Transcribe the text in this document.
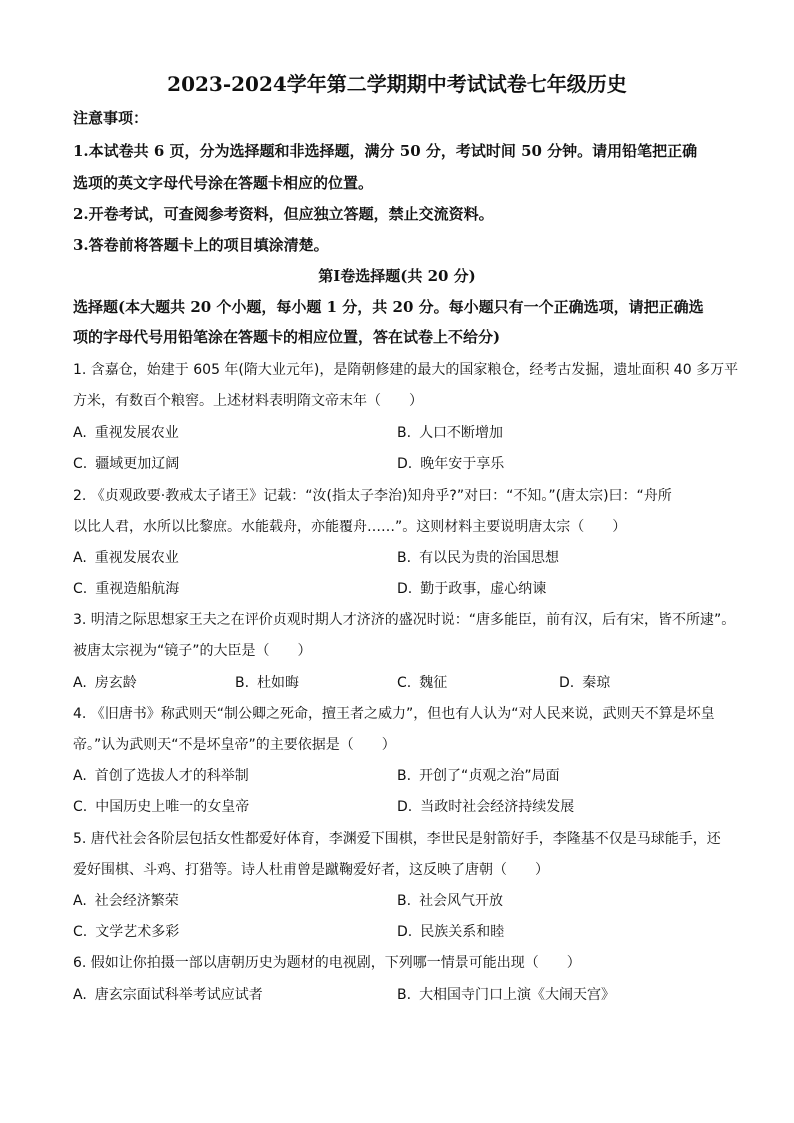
2023-2024学年第二学期期中考试试卷七年级历史
注意事项：
1.本试卷共 6 页，分为选择题和非选择题，满分 50 分，考试时间 50 分钟。请用铅笔把正确
选项的英文字母代号涂在答题卡相应的位置。
2.开卷考试，可查阅参考资料，但应独立答题，禁止交流资料。
3.答卷前将答题卡上的项目填涂清楚。
第Ⅰ卷选择题(共 20 分)
选择题(本大题共 20 个小题，每小题 1 分，共 20 分。每小题只有一个正确选项，请把正确选
项的字母代号用铅笔涂在答题卡的相应位置，答在试卷上不给分)
1. 含嘉仓，始建于 605 年(隋大业元年)，是隋朝修建的最大的国家粮仓，经考古发掘，遗址面积 40 多万平
方米，有数百个粮窖。上述材料表明隋文帝末年（　　）
A. 重视发展农业	B. 人口不断增加
C. 疆域更加辽阔	D. 晚年安于享乐
2. 《贞观政要·教戒太子诸王》记载：“汝(指太子李治)知舟乎?”对曰：“不知。”(唐太宗)曰：“舟所
以比人君，水所以比黎庶。水能载舟，亦能覆舟……”。这则材料主要说明唐太宗（　　）
A. 重视发展农业	B. 有以民为贵的治国思想
C. 重视造船航海	D. 勤于政事，虚心纳谏
3. 明清之际思想家王夫之在评价贞观时期人才济济的盛况时说：“唐多能臣，前有汉，后有宋，皆不所逮”。
被唐太宗视为“镜子”的大臣是（　　）
A. 房玄龄	B. 杜如晦	C. 魏征	D. 秦琼
4. 《旧唐书》称武则天“制公卿之死命，擅王者之威力”，但也有人认为“对人民来说，武则天不算是坏皇
帝。”认为武则天“不是坏皇帝”的主要依据是（　　）
A. 首创了选拔人才的科举制	B. 开创了“贞观之治”局面
C. 中国历史上唯一的女皇帝	D. 当政时社会经济持续发展
5. 唐代社会各阶层包括女性都爱好体育，李渊爱下围棋，李世民是射箭好手，李隆基不仅是马球能手，还
爱好围棋、斗鸡、打猎等。诗人杜甫曾是蹴鞠爱好者，这反映了唐朝（　　）
A. 社会经济繁荣	B. 社会风气开放
C. 文学艺术多彩	D. 民族关系和睦
6. 假如让你拍摄一部以唐朝历史为题材的电视剧，下列哪一情景可能出现（　　）
A. 唐玄宗面试科举考试应试者	B. 大相国寺门口上演《大闹天宫》
